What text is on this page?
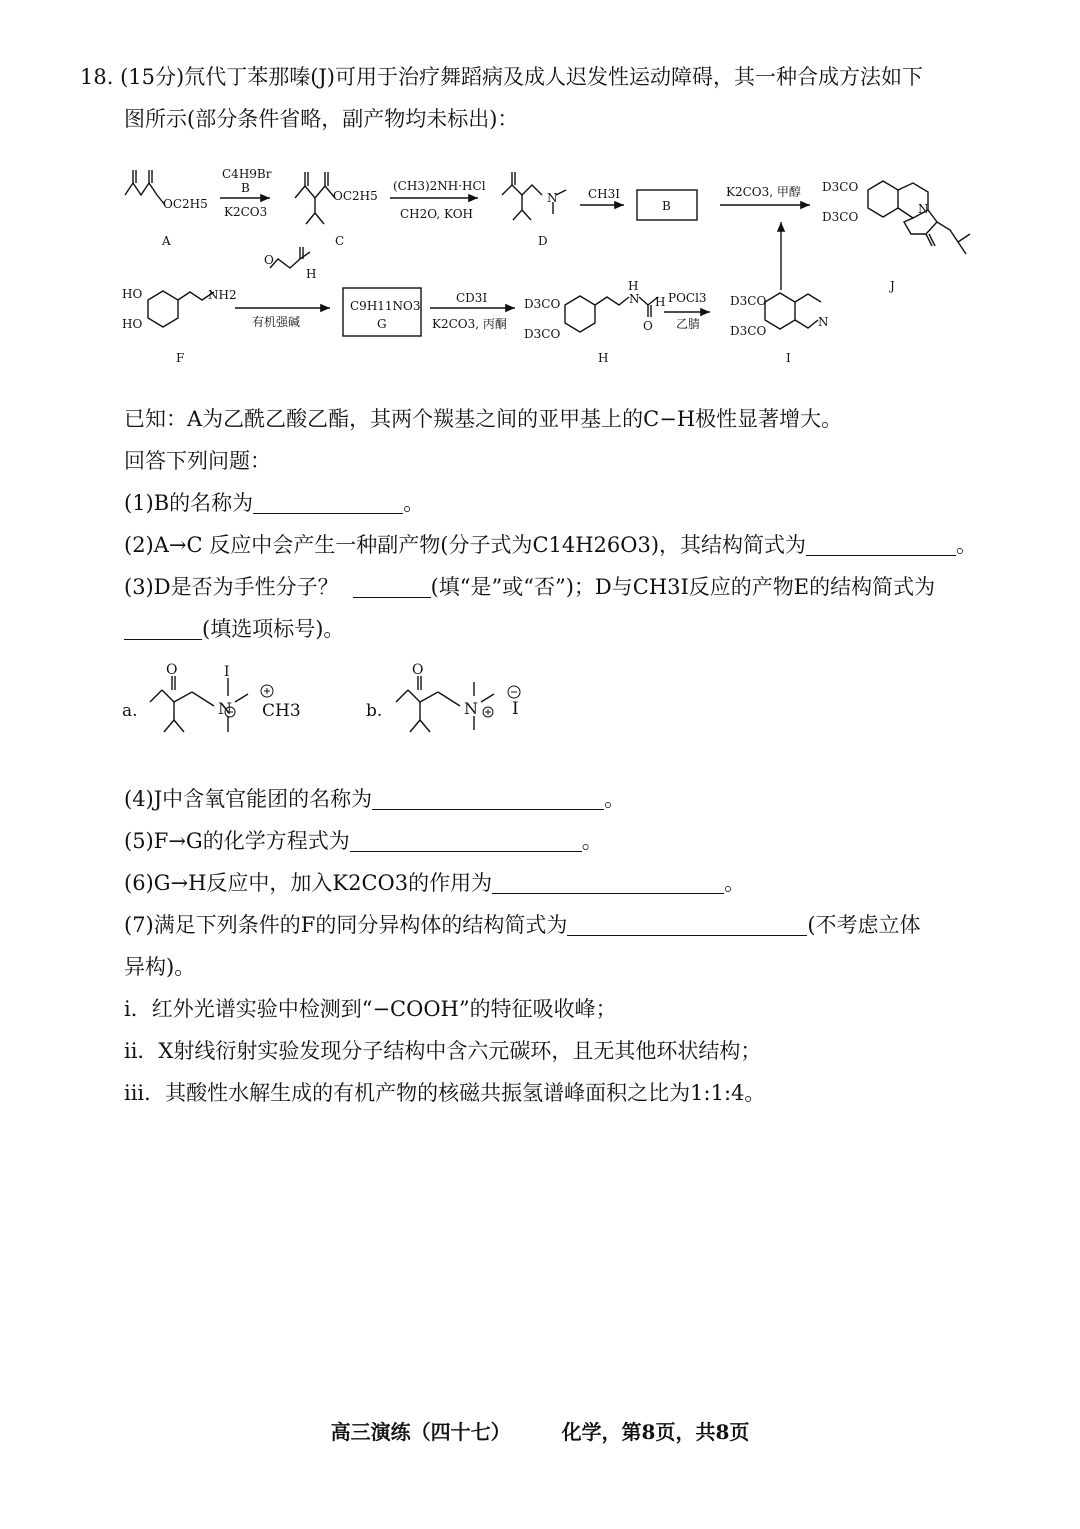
18. (15分)氘代丁苯那嗪(J)可用于治疗舞蹈病及成人迟发性运动障碍，其一种合成方法如下
图所示(部分条件省略，副产物均未标出)：
OC2H5
A
C4H9Br
B
K2CO3
OC2H5
C
(CH3)2NH·HCl
CH2O, KOH
N
D
CH3I
B
K2CO3, 甲醇 D3CO
D3CO
N
J
HO
HO
NH2
F
O
H
有机强碱
C9H11NO3
G
CD3I
K2CO3, 丙酮
D3CO
D3CO
N
H
H
O
H
POCl3
乙腈
D3CO
D3CO
N
I
已知：A为乙酰乙酸乙酯，其两个羰基之间的亚甲基上的C−H极性显著增大。
回答下列问题：
(1)B的名称为	。
(2)A→C 反应中会产生一种副产物(分子式为C14H26O3)，其结构简式为	。
(3)D是否为手性分子？	(填“是”或“否”)；D与CH3I反应的产物E的结构简式为
(填选项标号)。
a.
O	I
N CH3	b.
O
N I
(4)J中含氧官能团的名称为	。
(5)F→G的化学方程式为	。
(6)G→H反应中，加入K2CO3的作用为	。
(7)满足下列条件的F的同分异构体的结构简式为	(不考虑立体
异构)。
i．红外光谱实验中检测到“−COOH”的特征吸收峰；
ii．X射线衍射实验发现分子结构中含六元碳环，且无其他环状结构；
iii．其酸性水解生成的有机产物的核磁共振氢谱峰面积之比为1:1:4。
高三演练（四十七）	化学，第8页，共8页
